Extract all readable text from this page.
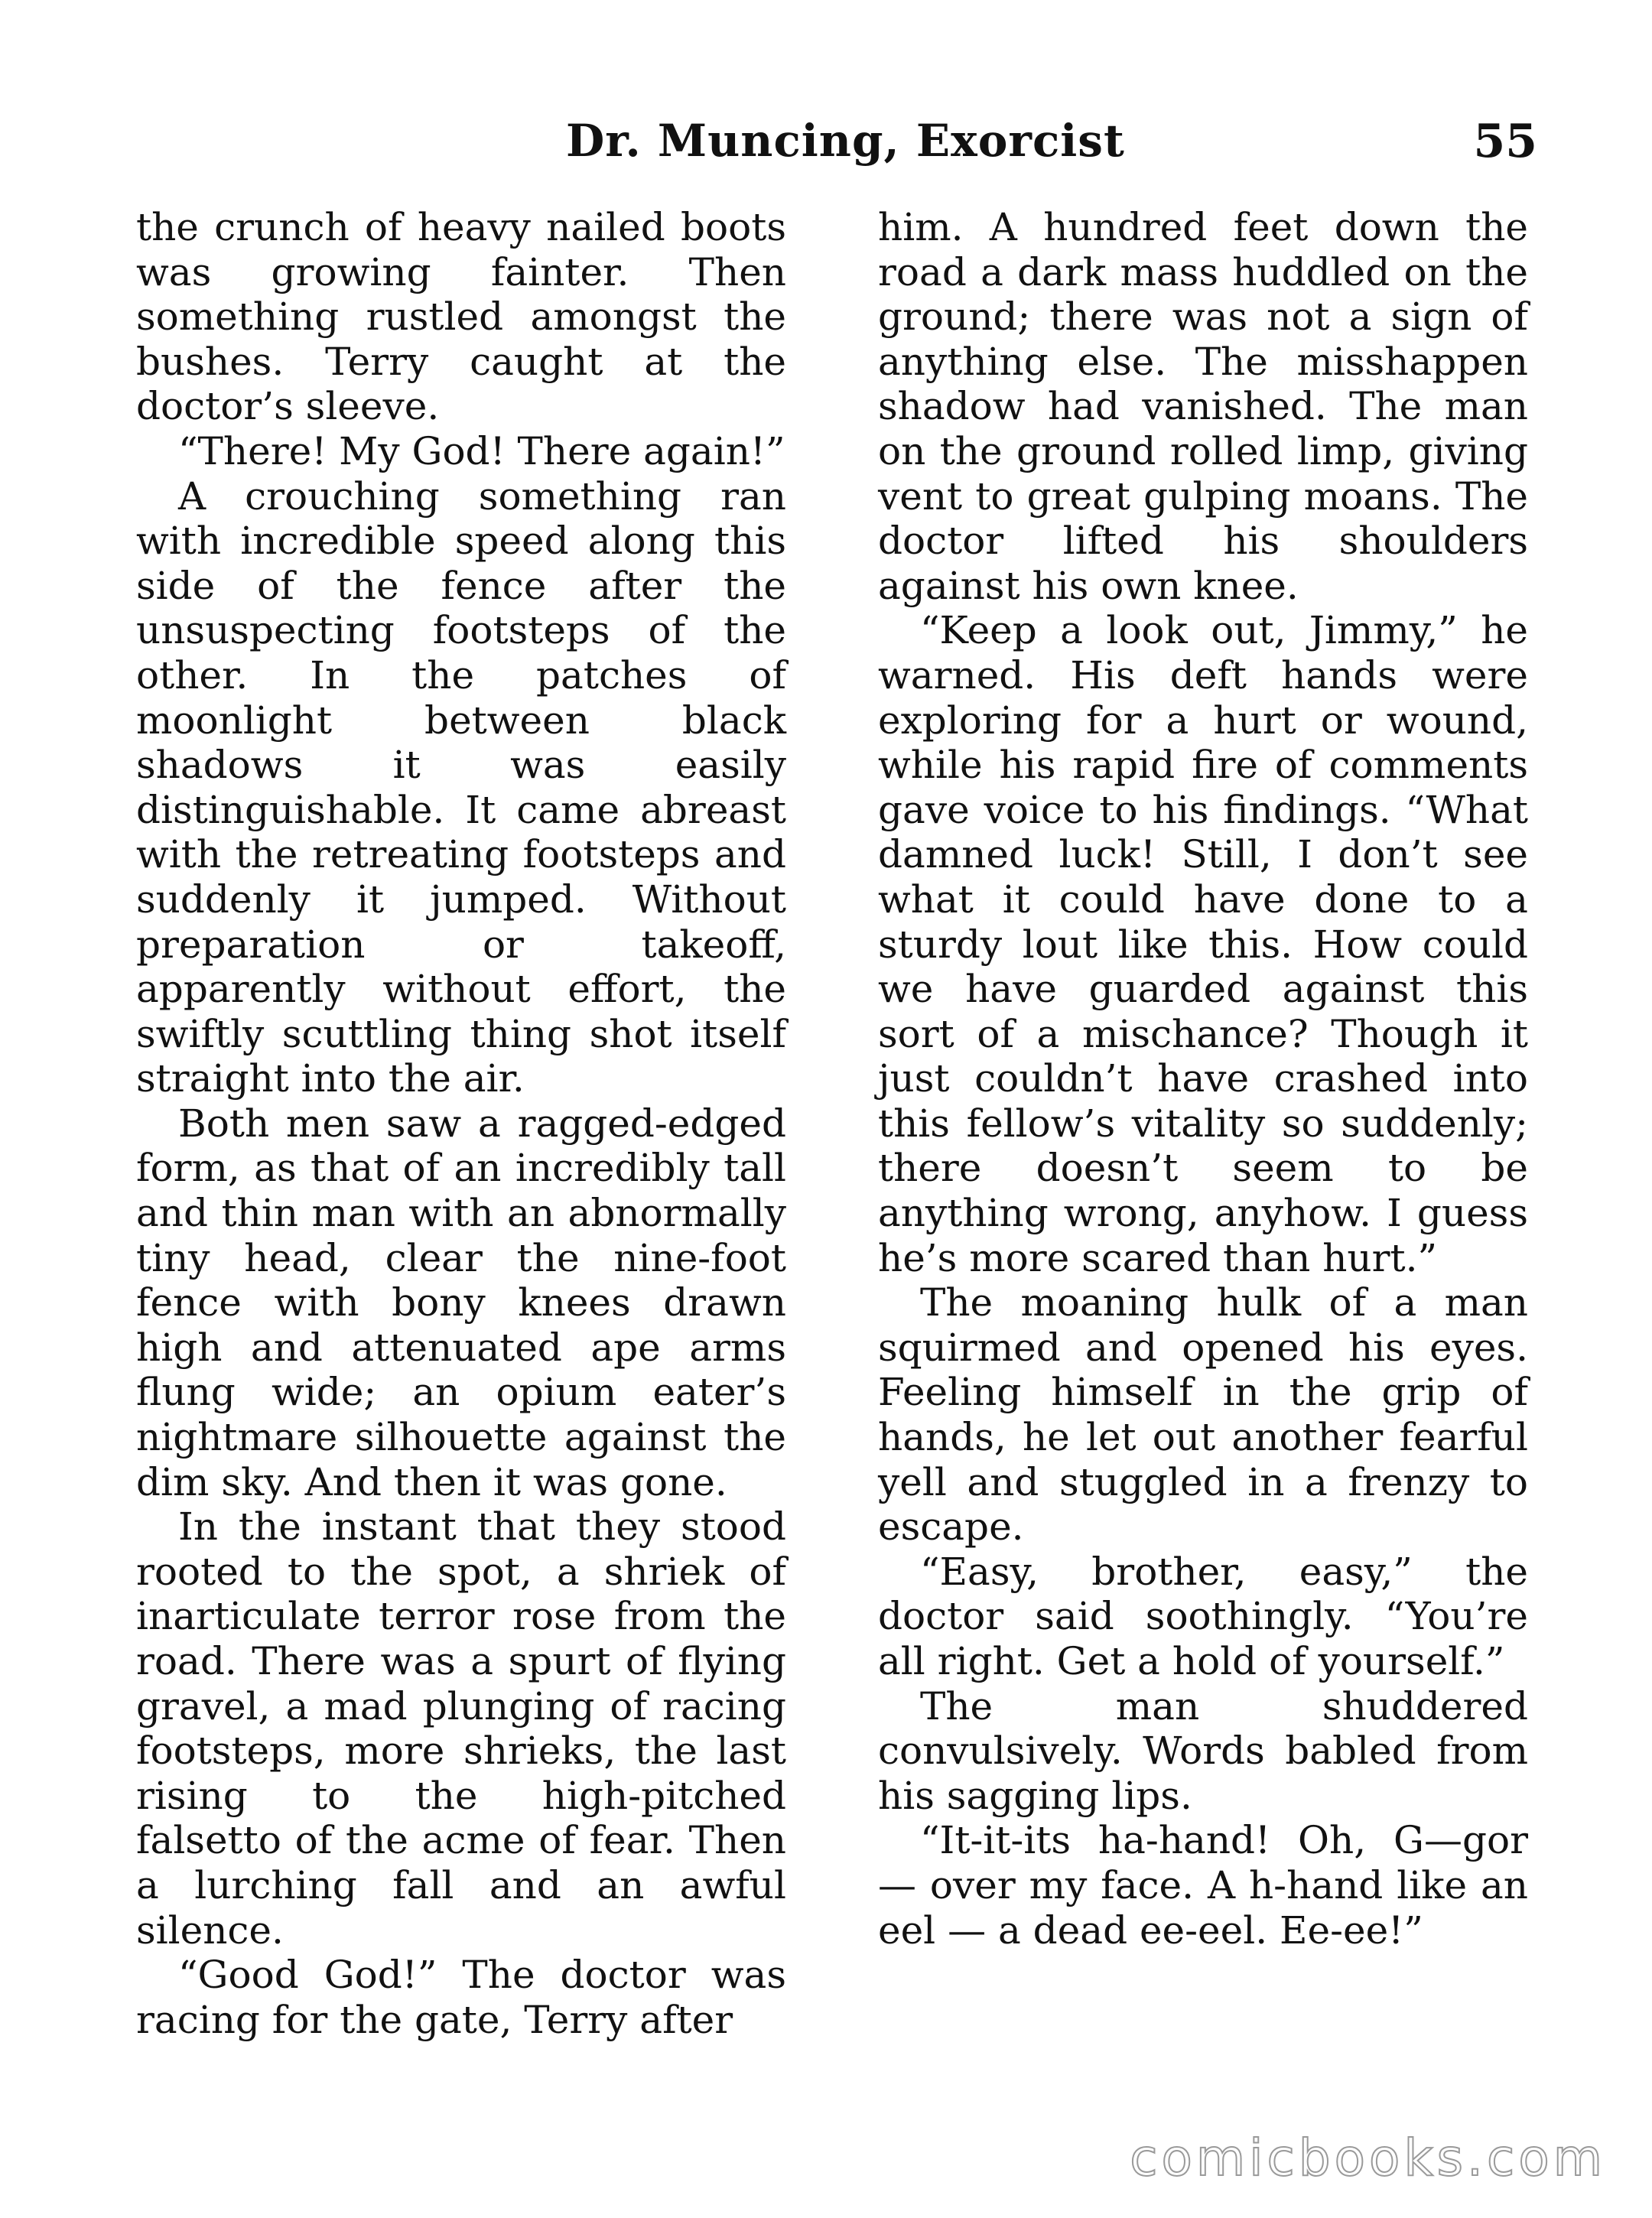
Dr. Muncing, Exorcist	55

the crunch of heavy nailed boots was growing fainter. Then something rustled amongst the bushes. Terry caught at the doctor’s sleeve.

“There! My God! There again!”

A crouching something ran with incredible speed along this side of the fence after the unsuspecting footsteps of the other. In the patches of moonlight between black shadows it was easily distinguishable. It came abreast with the retreating footsteps and suddenly it jumped. Without preparation or takeoff, apparently without effort, the swiftly scuttling thing shot itself straight into the air.

Both men saw a ragged-edged form, as that of an incredibly tall and thin man with an abnormally tiny head, clear the nine-foot fence with bony knees drawn high and attenuated ape arms flung wide; an opium eater’s nightmare silhouette against the dim sky. And then it was gone.

In the instant that they stood rooted to the spot, a shriek of inarticulate terror rose from the road. There was a spurt of flying gravel, a mad plunging of racing footsteps, more shrieks, the last rising to the high-pitched falsetto of the acme of fear. Then a lurching fall and an awful silence.

“Good God!” The doctor was racing for the gate, Terry after

him. A hundred feet down the road a dark mass huddled on the ground; there was not a sign of anything else. The misshappen shadow had vanished. The man on the ground rolled limp, giving vent to great gulping moans. The doctor lifted his shoulders against his own knee.

“Keep a look out, Jimmy,” he warned. His deft hands were exploring for a hurt or wound, while his rapid fire of comments gave voice to his findings. “What damned luck! Still, I don’t see what it could have done to a sturdy lout like this. How could we have guarded against this sort of a mischance? Though it just couldn’t have crashed into this fellow’s vitality so suddenly; there doesn’t seem to be anything wrong, anyhow. I guess he’s more scared than hurt.”

The moaning hulk of a man squirmed and opened his eyes. Feeling himself in the grip of hands, he let out another fearful yell and stuggled in a frenzy to escape.

“Easy, brother, easy,” the doctor said soothingly. “You’re all right. Get a hold of yourself.”

The man shuddered convulsively. Words babled from his sagging lips.

“It-it-its ha-hand! Oh, G—gor — over my face. A h-hand like an eel — a dead ee-eel. Ee-ee!”

comicbooks.com
